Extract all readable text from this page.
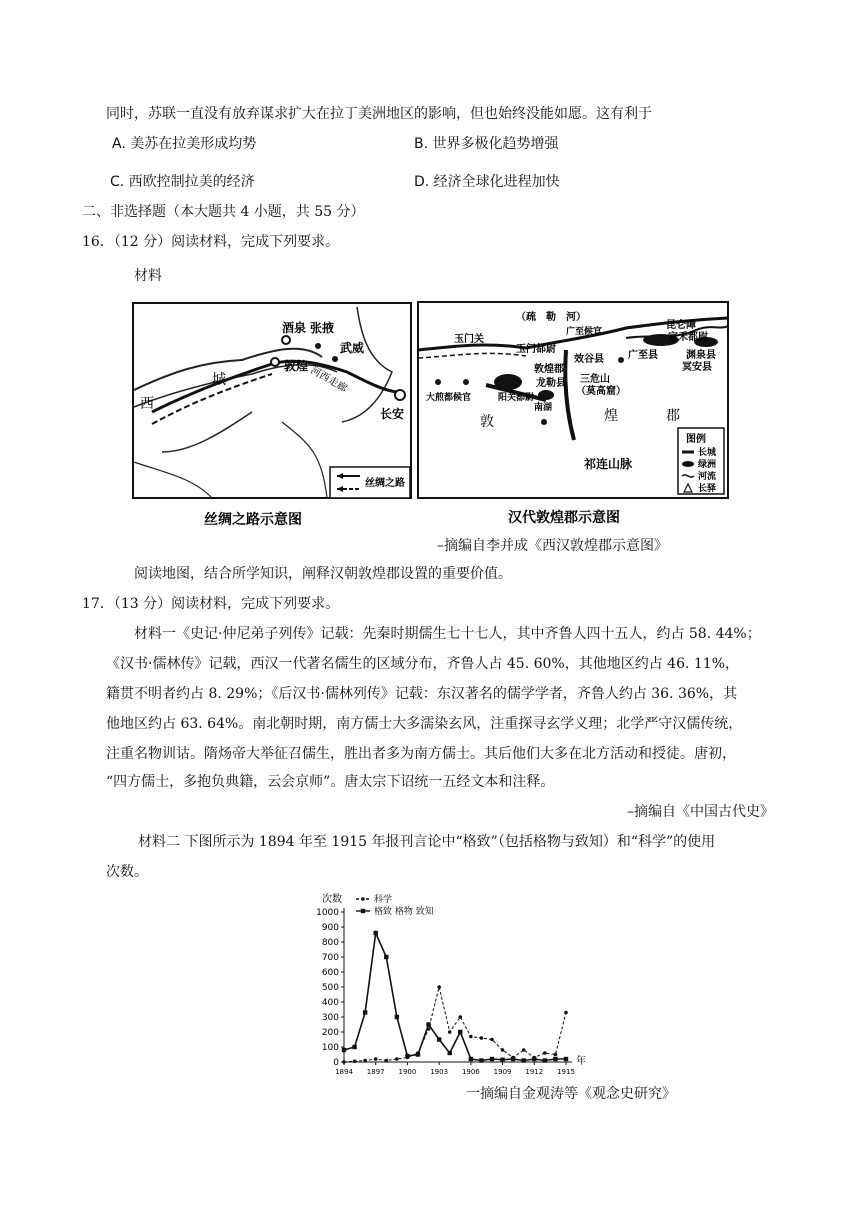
同时，苏联一直没有放弃谋求扩大在拉丁美洲地区的影响，但也始终没能如愿。这有利于
A. 美苏在拉美形成均势	B. 世界多极化趋势增强
C. 西欧控制拉美的经济	D. 经济全球化进程加快
二、非选择题（本大题共 4 小题，共 55 分）
16．（12 分）阅读材料，完成下列要求。
材料
酒泉 张掖
武威
敦煌 河西走廊
城
西
长安
丝绸之路
丝绸之路示意图
（疏　勒　河）
玉门关
玉门都尉
广至候官
昆仑障
宜禾都尉
敦煌郡
效谷县
三危山
（莫高窟）
龙勒县
阳关都尉
大煎都候官
南湖
渊泉县
冥安县
广至县
敦	煌	郡
祁连山脉
图例
长城
绿洲
河流
长驿
汉代敦煌郡示意图
–摘编自李并成《西汉敦煌郡示意图》
阅读地图，结合所学知识，阐释汉朝敦煌郡设置的重要价值。
17．（13 分）阅读材料，完成下列要求。
材料一《史记·仲尼弟子列传》记载：先秦时期儒生七十七人，其中齐鲁人四十五人，约占 58. 44%；
《汉书·儒林传》记载，西汉一代著名儒生的区域分布，齐鲁人占 45. 60%，其他地区约占 46. 11%，
籍贯不明者约占 8. 29%；《后汉书·儒林列传》记载：东汉著名的儒学学者，齐鲁人约占 36. 36%，其
他地区约占 63. 64%。南北朝时期，南方儒士大多濡染玄风，注重探寻玄学义理；北学严守汉儒传统，
注重名物训诂。隋炀帝大举征召儒生，胜出者多为南方儒士。其后他们大多在北方活动和授徒。唐初，
“四方儒士，多抱负典籍，云会京师”。唐太宗下诏统一五经文本和注释。
–摘编自《中国古代史》
材料二 下图所示为 1894 年至 1915 年报刊言论中“格致”（包括格物与致知）和“科学”的使用
次数。
次数
0
100
200
300
400
500
600
700
800
900
1000
1894 1897 1900 1903 1906 1909 1912 1915
年
科学
格致 格物 致知
一摘编自金观涛等《观念史研究》
